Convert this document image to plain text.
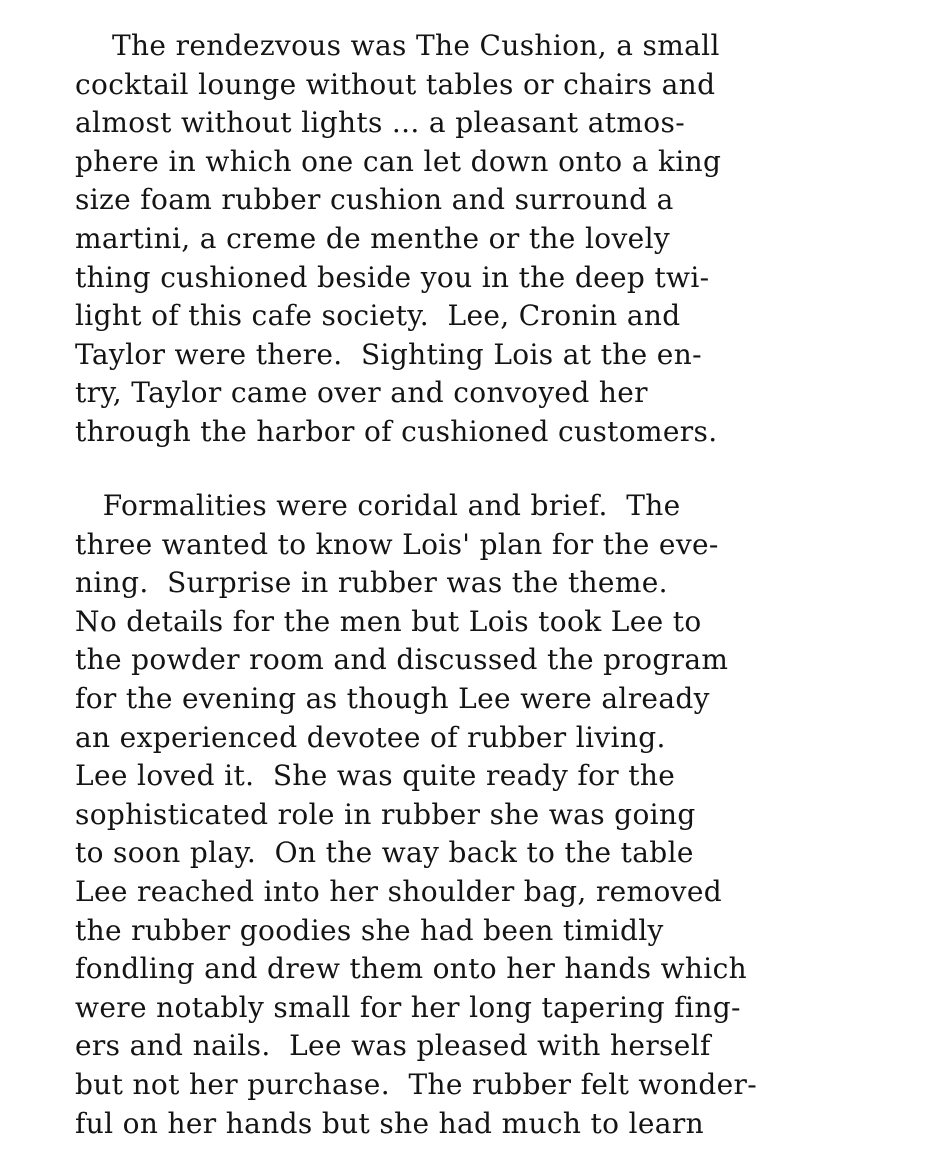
The rendezvous was The Cushion, a small
cocktail lounge without tables or chairs and
almost without lights ... a pleasant atmos-
phere in which one can let down onto a king
size foam rubber cushion and surround a
martini, a creme de menthe or the lovely
thing cushioned beside you in the deep twi-
light of this cafe society.  Lee, Cronin and
Taylor were there.  Sighting Lois at the en-
try, Taylor came over and convoyed her
through the harbor of cushioned customers.
Formalities were coridal and brief.  The
three wanted to know Lois' plan for the eve-
ning.  Surprise in rubber was the theme.
No details for the men but Lois took Lee to
the powder room and discussed the program
for the evening as though Lee were already
an experienced devotee of rubber living.
Lee loved it.  She was quite ready for the
sophisticated role in rubber she was going
to soon play.  On the way back to the table
Lee reached into her shoulder bag, removed
the rubber goodies she had been timidly
fondling and drew them onto her hands which
were notably small for her long tapering fing-
ers and nails.  Lee was pleased with herself
but not her purchase.  The rubber felt wonder-
ful on her hands but she had much to learn
